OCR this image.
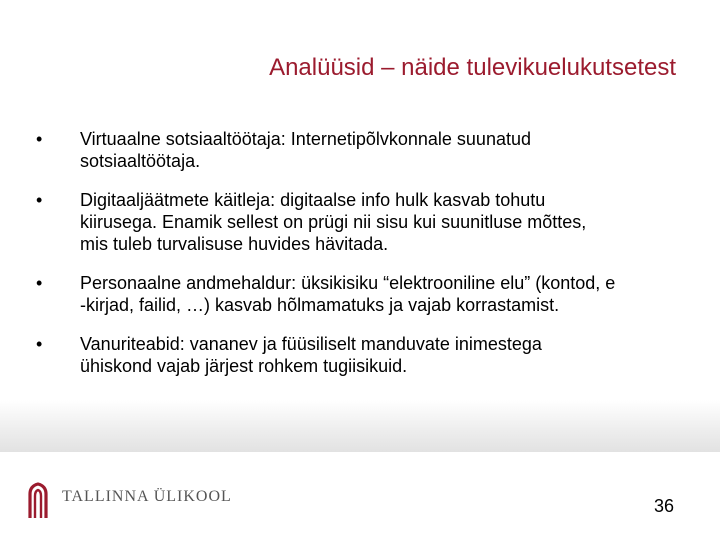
Analüüsid – näide tulevikuelukutsetest
•	Virtuaalne sotsiaaltöötaja: Internetipõlvkonnale suunatud
sotsiaaltöötaja.
•	Digitaaljäätmete käitleja: digitaalse info hulk kasvab tohutu
kiirusega. Enamik sellest on prügi nii sisu kui suunitluse mõttes,
mis tuleb turvalisuse huvides hävitada.
•	Personaalne andmehaldur: üksikisiku “elektrooniline elu” (kontod, e
-kirjad, failid, …) kasvab hõlmamatuks ja vajab korrastamist.
•	Vanuriteabid: vananev ja füüsiliselt manduvate inimestega
ühiskond vajab järjest rohkem tugiisikuid.
TALLINNA ÜLIKOOL	36
